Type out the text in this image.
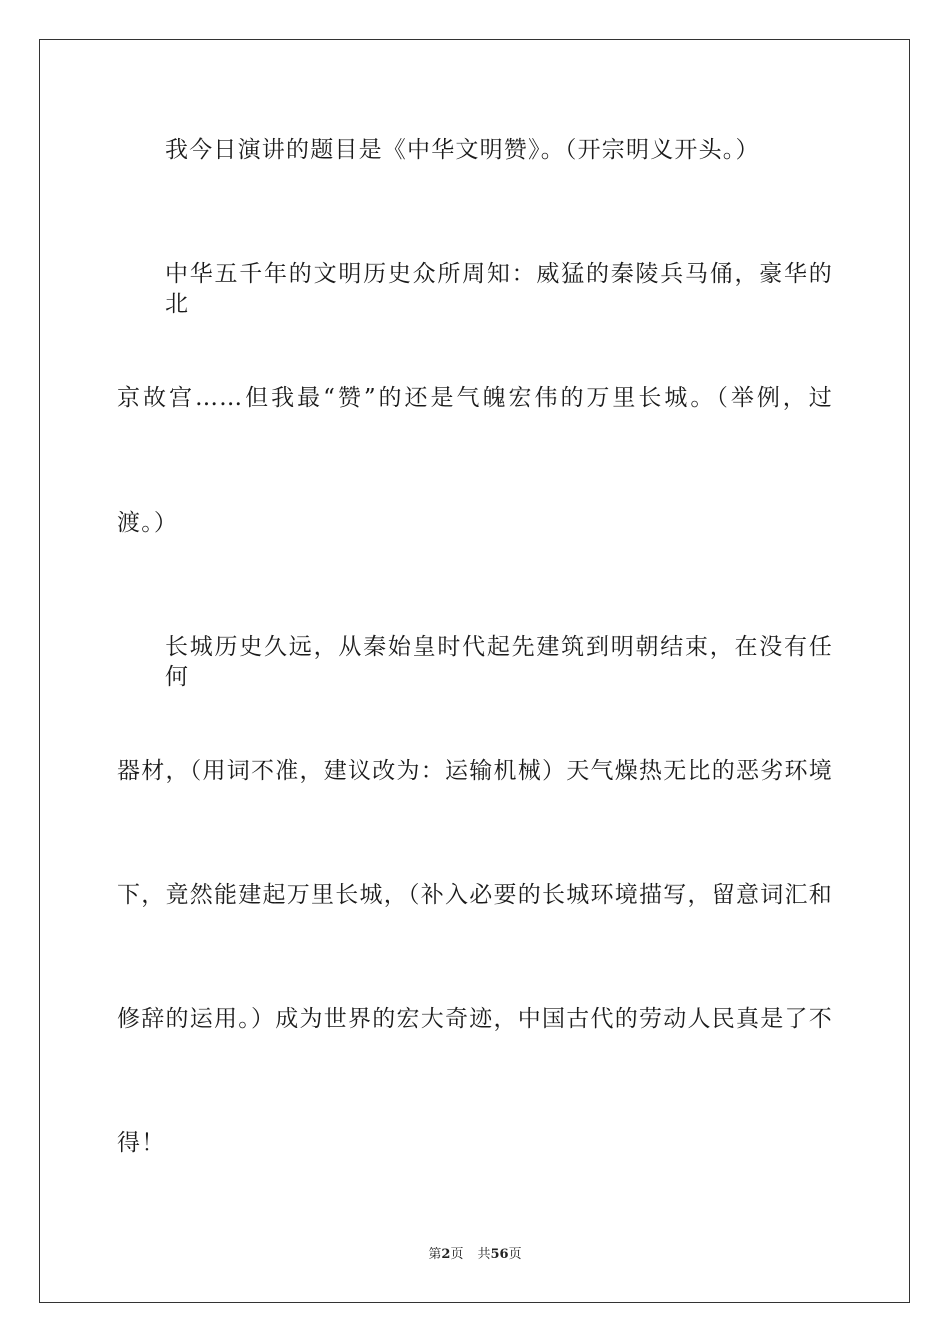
我今日演讲的题目是《中华文明赞》。（开宗明义开头。）
中华五千年的文明历史众所周知：威猛的秦陵兵马俑，豪华的北
京故宫……但我最“赞”的还是气魄宏伟的万里长城。（举例，过
渡。）
长城历史久远，从秦始皇时代起先建筑到明朝结束，在没有任何
器材，（用词不准，建议改为：运输机械）天气燥热无比的恶劣环境
下，竟然能建起万里长城，（补入必要的长城环境描写，留意词汇和
修辞的运用。）成为世界的宏大奇迹，中国古代的劳动人民真是了不
得！
第2页 共56页
